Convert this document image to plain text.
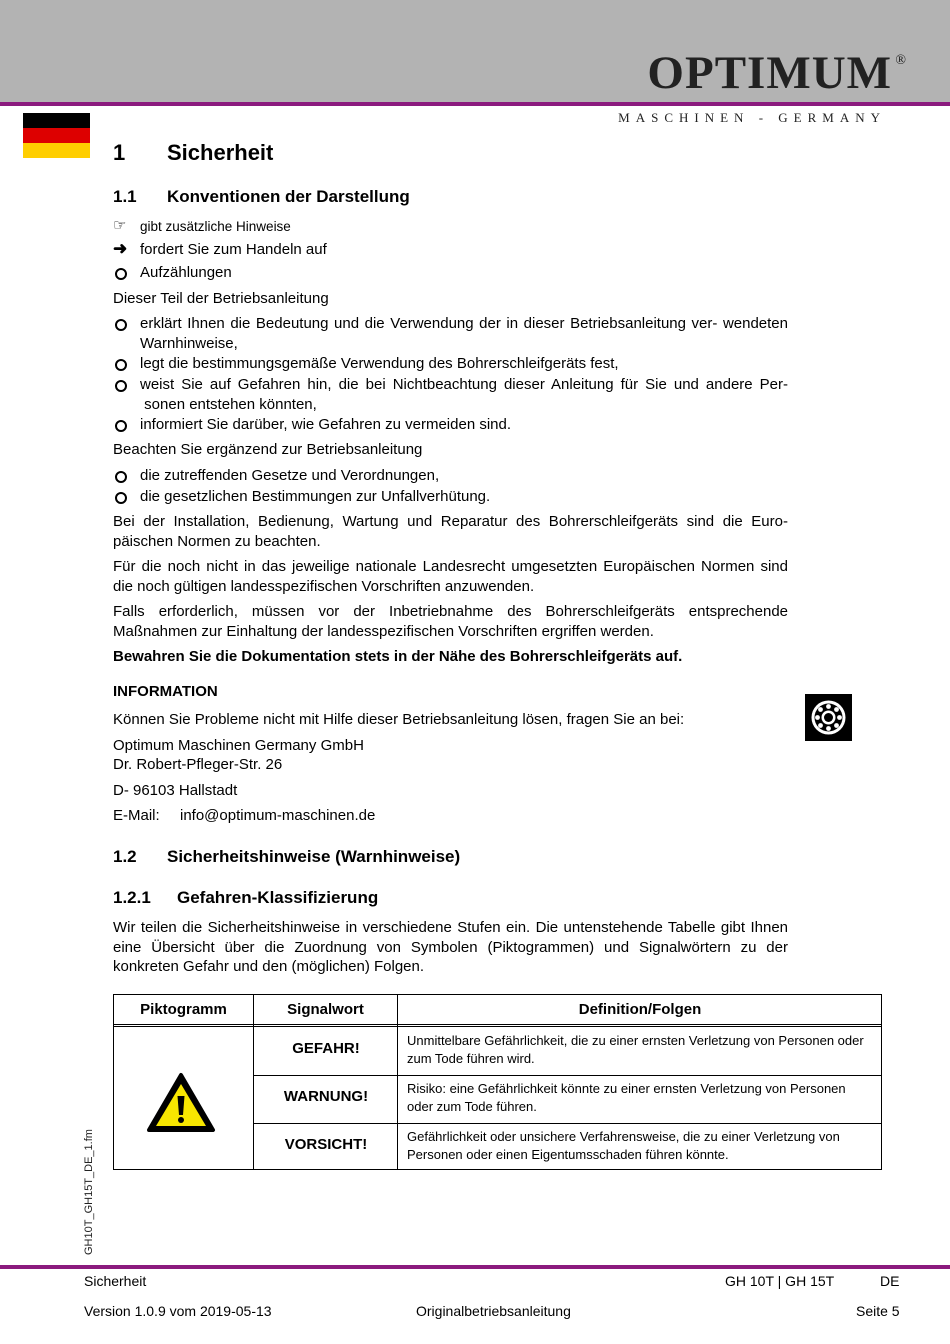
OPTIMUM ®
MASCHINEN - GERMANY
1 Sicherheit
1.1 Konventionen der Darstellung
☞ gibt zusätzliche Hinweise
➜ fordert Sie zum Handeln auf
Aufzählungen
Dieser Teil der Betriebsanleitung
erklärt Ihnen die Bedeutung und die Verwendung der in dieser Betriebsanleitung ver- wendeten Warnhinweise,
legt die bestimmungsgemäße Verwendung des Bohrerschleifgeräts fest,
weist Sie auf Gefahren hin, die bei Nichtbeachtung dieser Anleitung für Sie und andere Per- sonen entstehen könnten,
informiert Sie darüber, wie Gefahren zu vermeiden sind.
Beachten Sie ergänzend zur Betriebsanleitung
die zutreffenden Gesetze und Verordnungen,
die gesetzlichen Bestimmungen zur Unfallverhütung.
Bei der Installation, Bedienung, Wartung und Reparatur des Bohrerschleifgeräts sind die Euro-päischen Normen zu beachten.
Für die noch nicht in das jeweilige nationale Landesrecht umgesetzten Europäischen Normen sind die noch gültigen landesspezifischen Vorschriften anzuwenden.
Falls erforderlich, müssen vor der Inbetriebnahme des Bohrerschleifgeräts entsprechende Maßnahmen zur Einhaltung der landesspezifischen Vorschriften ergriffen werden.
Bewahren Sie die Dokumentation stets in der Nähe des Bohrerschleifgeräts auf.
INFORMATION
Können Sie Probleme nicht mit Hilfe dieser Betriebsanleitung lösen, fragen Sie an bei:
Optimum Maschinen Germany GmbH
Dr. Robert-Pfleger-Str. 26
D- 96103 Hallstadt
E-Mail: info@optimum-maschinen.de
1.2 Sicherheitshinweise (Warnhinweise)
1.2.1 Gefahren-Klassifizierung
Wir teilen die Sicherheitshinweise in verschiedene Stufen ein. Die untenstehende Tabelle gibt Ihnen eine Übersicht über die Zuordnung von Symbolen (Piktogrammen) und Signalwörtern zu der konkreten Gefahr und den (möglichen) Folgen.
Piktogramm	Signalwort	Definition/Folgen
GEFAHR!	Unmittelbare Gefährlichkeit, die zu einer ernsten Verletzung von Personen oder zum Tode führen wird.
WARNUNG!	Risiko: eine Gefährlichkeit könnte zu einer ernsten Verletzung von Personen oder zum Tode führen.
VORSICHT!	Gefährlichkeit oder unsichere Verfahrensweise, die zu einer Verletzung von Personen oder einen Eigentumsschaden führen könnte.
GH10T_GH15T_DE_1.fm
Sicherheit	GH 10T | GH 15T	DE
Version 1.0.9 vom 2019-05-13	Originalbetriebsanleitung	Seite 5
